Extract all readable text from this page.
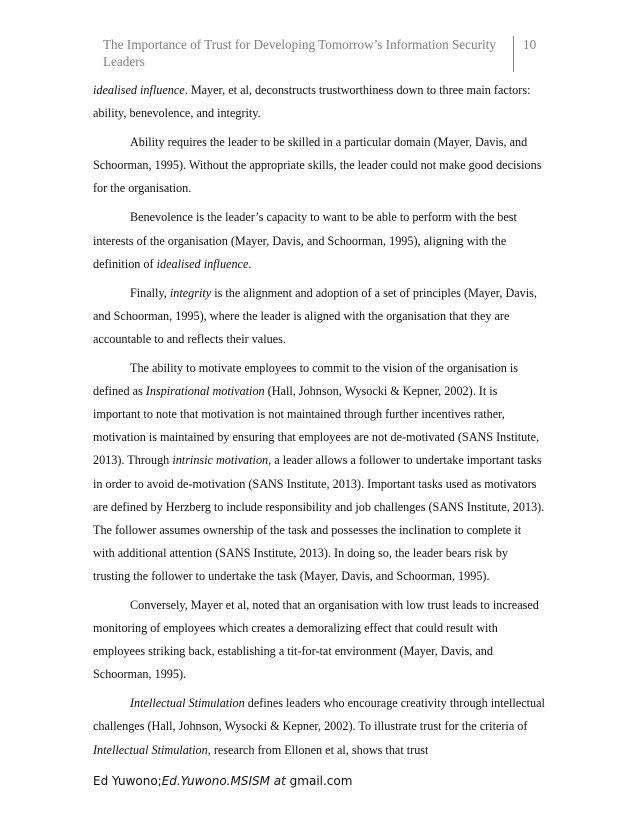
The Importance of Trust for Developing Tomorrow’s Information Security Leaders
10

idealised influence. Mayer, et al, deconstructs trustworthiness down to three main factors: ability, benevolence, and integrity.

Ability requires the leader to be skilled in a particular domain (Mayer, Davis, and Schoorman, 1995). Without the appropriate skills, the leader could not make good decisions for the organisation.

Benevolence is the leader’s capacity to want to be able to perform with the best interests of the organisation (Mayer, Davis, and Schoorman, 1995), aligning with the definition of idealised influence.

Finally, integrity is the alignment and adoption of a set of principles (Mayer, Davis, and Schoorman, 1995), where the leader is aligned with the organisation that they are accountable to and reflects their values.

The ability to motivate employees to commit to the vision of the organisation is defined as Inspirational motivation (Hall, Johnson, Wysocki & Kepner, 2002). It is important to note that motivation is not maintained through further incentives rather, motivation is maintained by ensuring that employees are not de-motivated (SANS Institute, 2013). Through intrinsic motivation, a leader allows a follower to undertake important tasks in order to avoid de-motivation (SANS Institute, 2013). Important tasks used as motivators are defined by Herzberg to include responsibility and job challenges (SANS Institute, 2013). The follower assumes ownership of the task and possesses the inclination to complete it with additional attention (SANS Institute, 2013). In doing so, the leader bears risk by trusting the follower to undertake the task (Mayer, Davis, and Schoorman, 1995).

Conversely, Mayer et al, noted that an organisation with low trust leads to increased monitoring of employees which creates a demoralizing effect that could result with employees striking back, establishing a tit-for-tat environment (Mayer, Davis, and Schoorman, 1995).

Intellectual Stimulation defines leaders who encourage creativity through intellectual challenges (Hall, Johnson, Wysocki & Kepner, 2002). To illustrate trust for the criteria of Intellectual Stimulation, research from Ellonen et al, shows that trust

Ed Yuwono;Ed.Yuwono.MSISM at gmail.com
